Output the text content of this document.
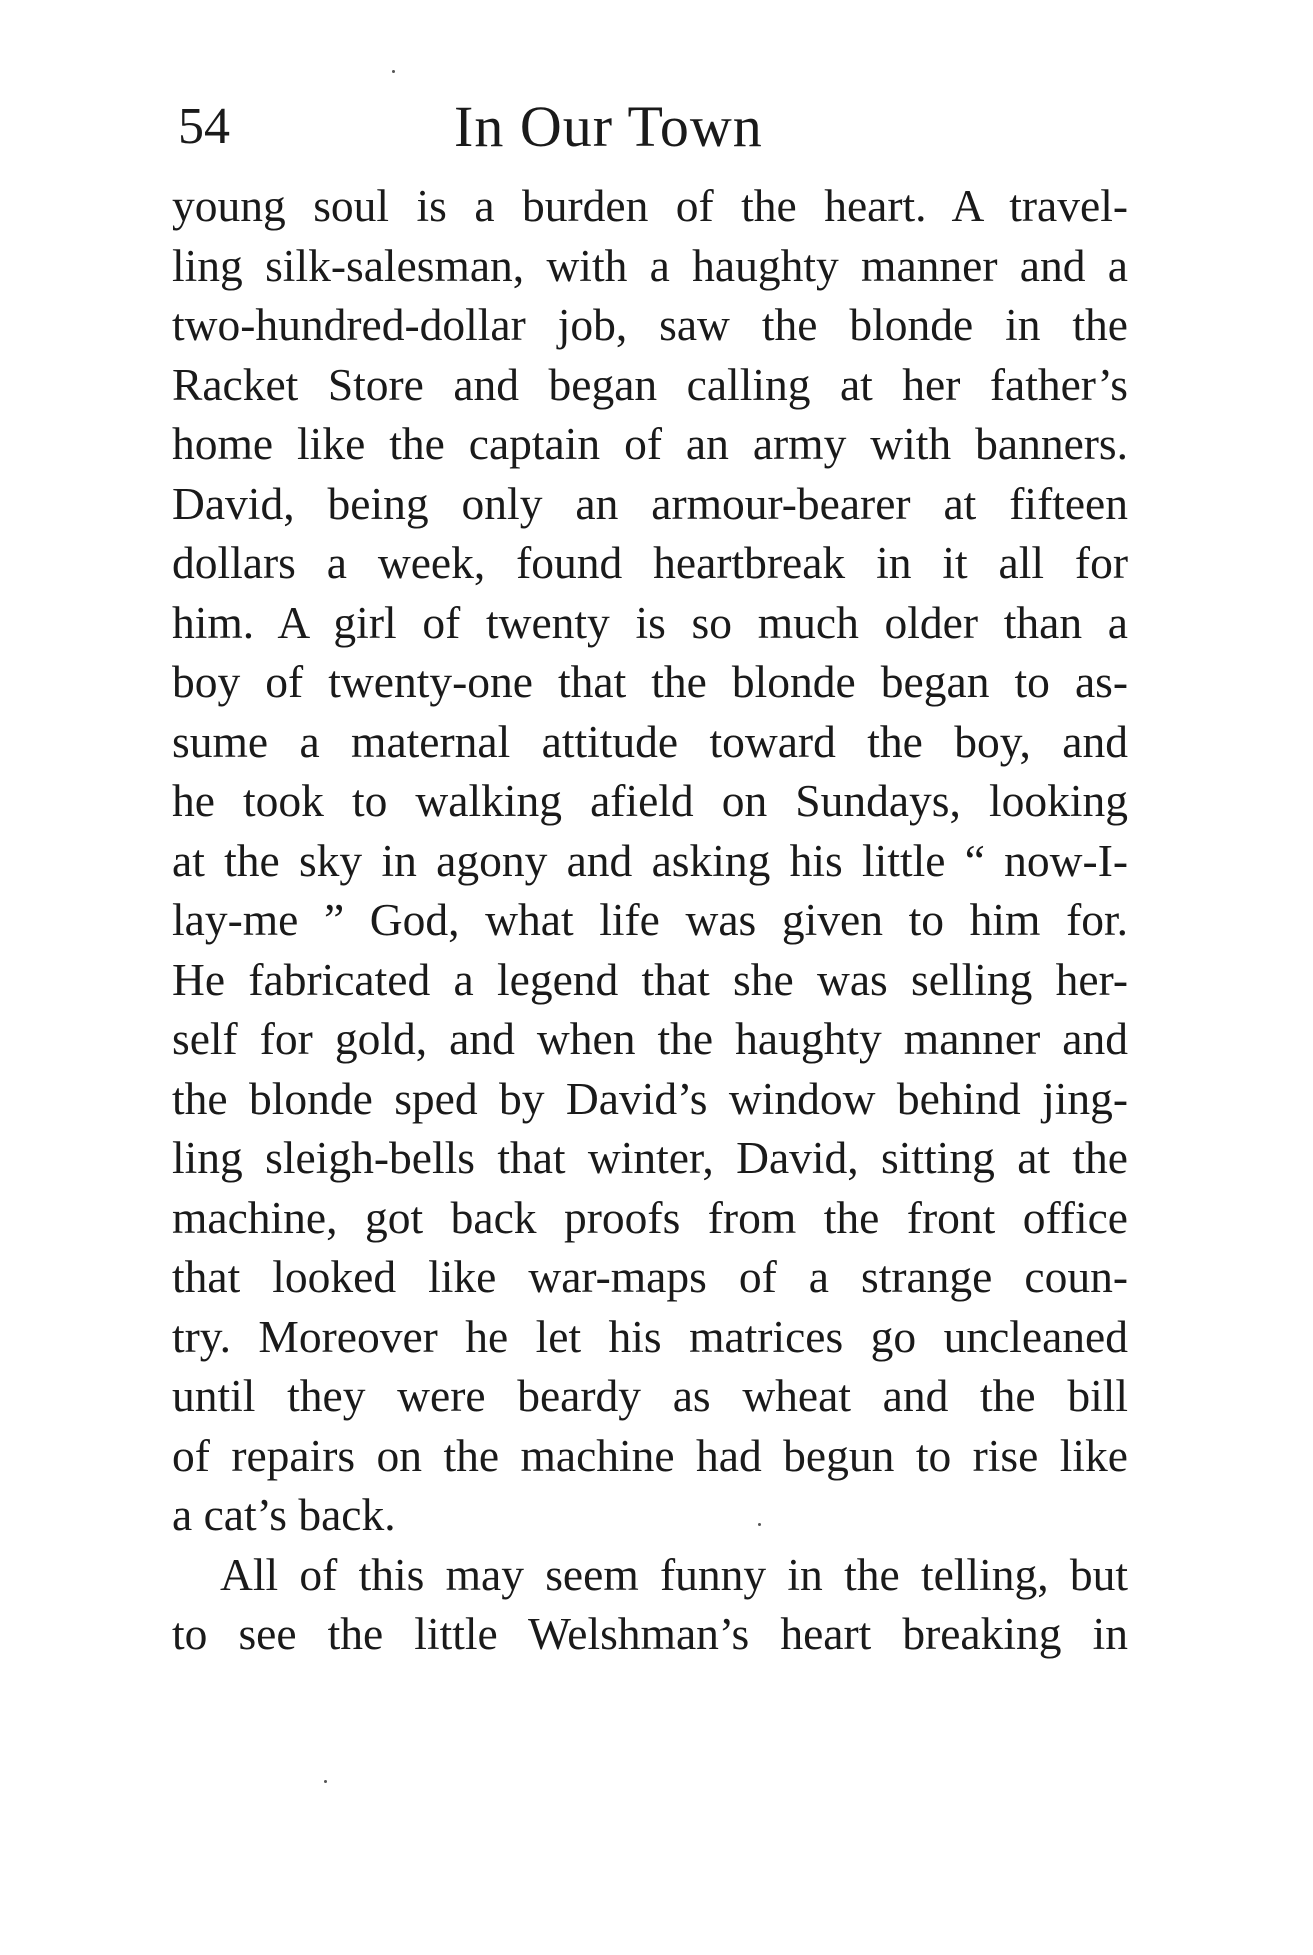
54	In Our Town
young soul is a burden of the heart. A travel-
ling silk-salesman, with a haughty manner and a
two-hundred-dollar job, saw the blonde in the
Racket Store and began calling at her father’s
home like the captain of an army with banners.
David, being only an armour-bearer at fifteen
dollars a week, found heartbreak in it all for
him. A girl of twenty is so much older than a
boy of twenty-one that the blonde began to as-
sume a maternal attitude toward the boy, and
he took to walking afield on Sundays, looking
at the sky in agony and asking his little “ now-I-
lay-me ” God, what life was given to him for.
He fabricated a legend that she was selling her-
self for gold, and when the haughty manner and
the blonde sped by David’s window behind jing-
ling sleigh-bells that winter, David, sitting at the
machine, got back proofs from the front office
that looked like war-maps of a strange coun-
try. Moreover he let his matrices go uncleaned
until they were beardy as wheat and the bill
of repairs on the machine had begun to rise like
a cat’s back.
All of this may seem funny in the telling, but
to see the little Welshman’s heart breaking in
